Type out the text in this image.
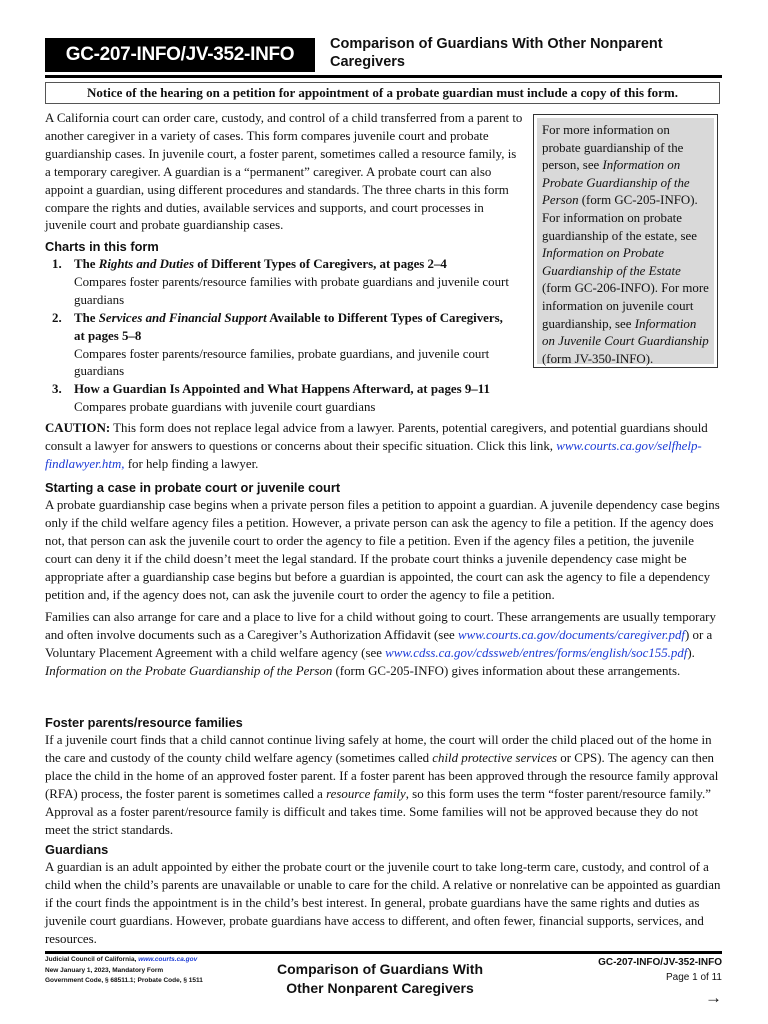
GC-207-INFO/JV-352-INFO	Comparison of Guardians With Other Nonparent Caregivers
Notice of the hearing on a petition for appointment of a probate guardian must include a copy of this form.
A California court can order care, custody, and control of a child transferred from a parent to another caregiver in a variety of cases. This form compares juvenile court and probate guardianship cases. In juvenile court, a foster parent, sometimes called a resource family, is a temporary caregiver. A guardian is a “permanent” caregiver. A probate court can also appoint a guardian, using different procedures and standards. The three charts in this form compare the rights and duties, available services and supports, and court processes in juvenile court and probate guardianship cases.
For more information on probate guardianship of the person, see Information on Probate Guardianship of the Person (form GC-205-INFO). For information on probate guardianship of the estate, see Information on Probate Guardianship of the Estate (form GC-206-INFO). For more information on juvenile court guardianship, see Information on Juvenile Court Guardianship (form JV-350-INFO).
Charts in this form
1. The Rights and Duties of Different Types of Caregivers, at pages 2–4
Compares foster parents/resource families with probate guardians and juvenile court guardians
2. The Services and Financial Support Available to Different Types of Caregivers, at pages 5–8
Compares foster parents/resource families, probate guardians, and juvenile court guardians
3. How a Guardian Is Appointed and What Happens Afterward, at pages 9–11
Compares probate guardians with juvenile court guardians
CAUTION: This form does not replace legal advice from a lawyer. Parents, potential caregivers, and potential guardians should consult a lawyer for answers to questions or concerns about their specific situation. Click this link, www.courts.ca.gov/selfhelp-findlawyer.htm, for help finding a lawyer.
Starting a case in probate court or juvenile court

A probate guardianship case begins when a private person files a petition to appoint a guardian. A juvenile dependency case begins only if the child welfare agency files a petition. However, a private person can ask the agency to file a petition. If the agency does not, that person can ask the juvenile court to order the agency to file a petition. Even if the agency files a petition, the juvenile court can deny it if the child doesn’t meet the legal standard. If the probate court thinks a juvenile dependency case might be appropriate after a guardianship case begins but before a guardian is appointed, the court can ask the agency to file a dependency petition and, if the agency does not, can ask the juvenile court to order the agency to file a petition.

Families can also arrange for care and a place to live for a child without going to court. These arrangements are usually temporary and often involve documents such as a Caregiver’s Authorization Affidavit (see www.courts.ca.gov/documents/caregiver.pdf) or a Voluntary Placement Agreement with a child welfare agency (see www.cdss.ca.gov/cdssweb/entres/forms/english/soc155.pdf). Information on the Probate Guardianship of the Person (form GC-205-INFO) gives information about these arrangements.

Foster parents/resource families

If a juvenile court finds that a child cannot continue living safely at home, the court will order the child placed out of the home in the care and custody of the county child welfare agency (sometimes called child protective services or CPS). The agency can then place the child in the home of an approved foster parent. If a foster parent has been approved through the resource family approval (RFA) process, the foster parent is sometimes called a resource family, so this form uses the term “foster parent/resource family.” Approval as a foster parent/resource family is difficult and takes time. Some families will not be approved because they do not meet the strict standards.

Guardians

A guardian is an adult appointed by either the probate court or the juvenile court to take long-term care, custody, and control of a child when the child’s parents are unavailable or unable to care for the child. A relative or nonrelative can be appointed as guardian if the court finds the appointment is in the child’s best interest. In general, probate guardians have the same rights and duties as juvenile court guardians. However, probate guardians have access to different, and often fewer, financial supports, services, and resources.

Judicial Council of California, www.courts.ca.gov
New January 1, 2023, Mandatory Form
Government Code, § 68511.1; Probate Code, § 1511
Comparison of Guardians With
Other Nonparent Caregivers
GC-207-INFO/JV-352-INFO
Page 1 of 11
→
